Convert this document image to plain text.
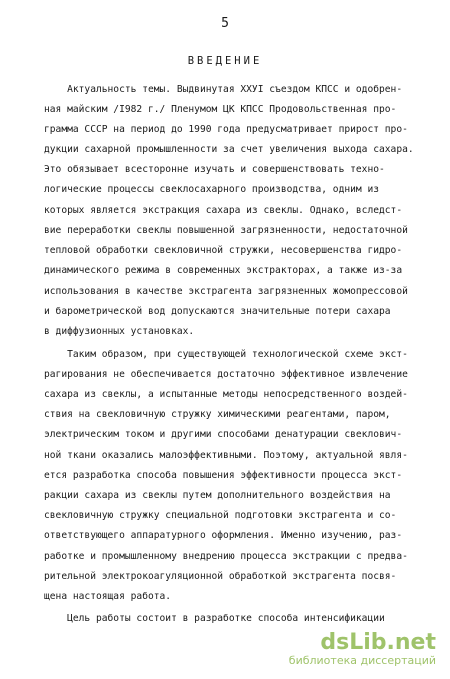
5
ВВЕДЕНИЕ
Актуальность темы. Выдвинутая ХХУI съездом КПСС и одобрен-
ная майским /I982 г./ Пленумом ЦК КПСС Продовольственная про-
грамма СССР на период до 1990 года предусматривает прирост про-
дукции сахарной промышленности за счет увеличения выхода сахара.
Это обязывает всесторонне изучать и совершенствовать техно-
логические процессы свеклосахарного производства, одним из
которых является экстракция сахара из свеклы. Однако, вследст-
вие переработки свеклы повышенной загрязненности, недостаточной
тепловой обработки свекловичной стружки, несовершенства гидро-
динамического режима в современных экстракторах, а также из-за
использования в качестве экстрагента загрязненных жомопрессовой
и барометрической вод допускаются значительные потери сахара
в диффузионных установках.
Таким образом, при существующей технологической схеме экст-
рагирования не обеспечивается достаточно эффективное извлечение
сахара из свеклы, а испытанные методы непосредственного воздей-
ствия на свекловичную стружку химическими реагентами, паром,
электрическим током и другими способами денатурации свеклович-
ной ткани оказались малоэффективными. Поэтому, актуальной явля-
ется разработка способа повышения эффективности процесса экст-
ракции сахара из свеклы путем дополнительного воздействия на
свекловичную стружку специальной подготовки экстрагента и со-
ответствующего аппаратурного оформления. Именно изучению, раз-
работке и промышленному внедрению процесса экстракции с предва-
рительной электрокоагуляционной обработкой экстрагента посвя-
щена настоящая работа.
Цель работы состоит в разработке способа интенсификации
dsLib.net
библиотека диссертаций
